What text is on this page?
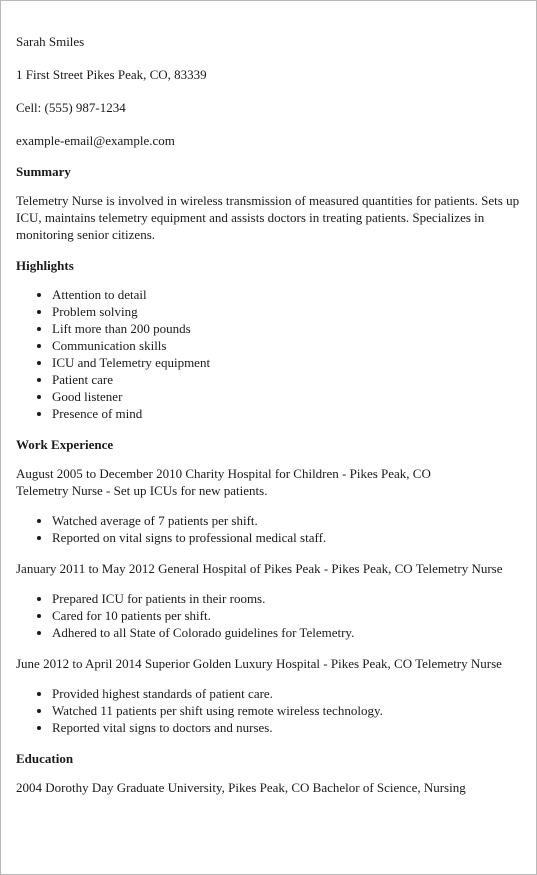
Sarah Smiles

1 First Street Pikes Peak, CO, 83339

Cell: (555) 987-1234

example-email@example.com

Summary

Telemetry Nurse is involved in wireless transmission of measured quantities for patients. Sets up ICU, maintains telemetry equipment and assists doctors in treating patients. Specializes in monitoring senior citizens.

Highlights
• Attention to detail
• Problem solving
• Lift more than 200 pounds
• Communication skills
• ICU and Telemetry equipment
• Patient care
• Good listener
• Presence of mind
Work Experience

August 2005 to December 2010 Charity Hospital for Children - Pikes Peak, CO

Telemetry Nurse - Set up ICUs for new patients.

• Watched average of 7 patients per shift.
• Reported on vital signs to professional medical staff.

January 2011 to May 2012 General Hospital of Pikes Peak - Pikes Peak, CO Telemetry Nurse

• Prepared ICU for patients in their rooms.
• Cared for 10 patients per shift.
• Adhered to all State of Colorado guidelines for Telemetry.

June 2012 to April 2014 Superior Golden Luxury Hospital - Pikes Peak, CO Telemetry Nurse

• Provided highest standards of patient care.
• Watched 11 patients per shift using remote wireless technology.
• Reported vital signs to doctors and nurses.
Education

2004 Dorothy Day Graduate University, Pikes Peak, CO Bachelor of Science, Nursing
